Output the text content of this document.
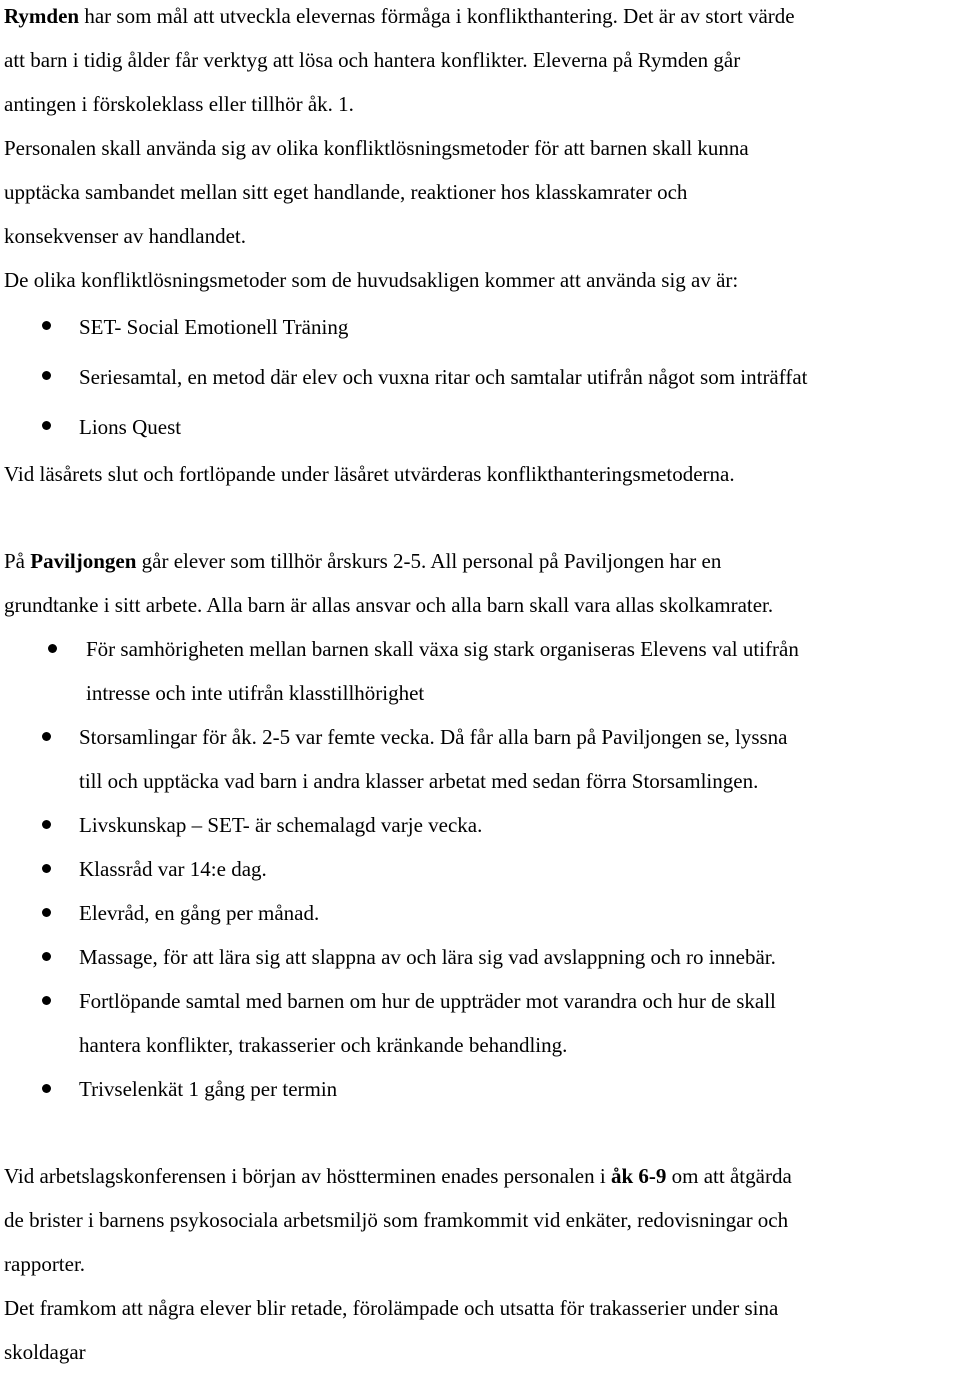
Rymden har som mål att utveckla elevernas förmåga i konflikthantering. Det är av stort värde
att barn i tidig ålder får verktyg att lösa och hantera konflikter. Eleverna på Rymden går
antingen i förskoleklass eller tillhör åk. 1.

Personalen skall använda sig av olika konfliktlösningsmetoder för att barnen skall kunna
upptäcka sambandet mellan sitt eget handlande, reaktioner hos klasskamrater och
konsekvenser av handlandet.

De olika konfliktlösningsmetoder som de huvudsakligen kommer att använda sig av är:

SET- Social Emotionell Träning
Seriesamtal, en metod där elev och vuxna ritar och samtalar utifrån något som inträffat
Lions Quest

Vid läsårets slut och fortlöpande under läsåret utvärderas konflikthanteringsmetoderna.

På Paviljongen går elever som tillhör årskurs 2-5. All personal på Paviljongen har en
grundtanke i sitt arbete. Alla barn är allas ansvar och alla barn skall vara allas skolkamrater.

För samhörigheten mellan barnen skall växa sig stark organiseras Elevens val utifrån
intresse och inte utifrån klasstillhörighet
Storsamlingar för åk. 2-5 var femte vecka. Då får alla barn på Paviljongen se, lyssna
till och upptäcka vad barn i andra klasser arbetat med sedan förra Storsamlingen.
Livskunskap – SET- är schemalagd varje vecka.
Klassråd var 14:e dag.
Elevråd, en gång per månad.
Massage, för att lära sig att slappna av och lära sig vad avslappning och ro innebär.
Fortlöpande samtal med barnen om hur de uppträder mot varandra och hur de skall
hantera konflikter, trakasserier och kränkande behandling.
Trivselenkät 1 gång per termin

Vid arbetslagskonferensen i början av höstterminen enades personalen i åk 6-9 om att åtgärda
de brister i barnens psykosociala arbetsmiljö som framkommit vid enkäter, redovisningar och
rapporter.

Det framkom att några elever blir retade, förolämpade och utsatta för trakasserier under sina
skoldagar
